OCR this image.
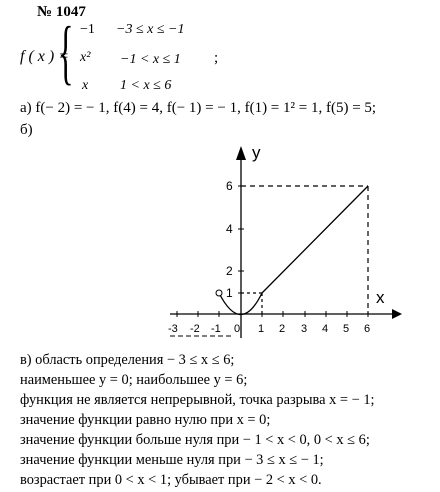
№ 1047
f ( x ) =
{ −1 −3 ≤ x ≤ −1
x² −1 < x ≤ 1
x 1 < x ≤ 6
;
а) f(− 2) = − 1, f(4) = 4, f(− 1) = − 1, f(1) = 1² = 1, f(5) = 5;
б)
y
x
6
4
2
1
-3 -2 -1 0 1 2 3 4 5 6
в) область определения − 3 ≤ x ≤ 6;
наименьшее y = 0; наибольшее y = 6;
функция не является непрерывной, точка разрыва x = − 1;
значение функции равно нулю при x = 0;
значение функции больше нуля при − 1 < x < 0, 0 < x ≤ 6;
значение функции меньше нуля при − 3 ≤ x ≤ − 1;
возрастает при 0 < x < 1; убывает при − 2 < x < 0.
